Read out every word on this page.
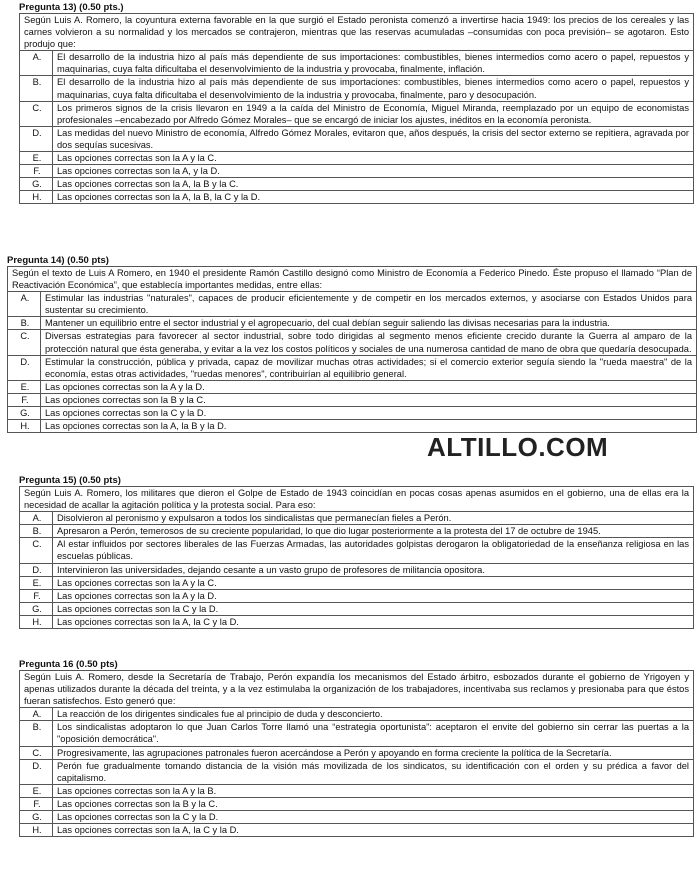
Pregunta 13) (0.50 pts.)
Según Luis A. Romero, la coyuntura externa favorable en la que surgió el Estado peronista comenzó a invertirse hacia 1949: los precios de los cereales y las carnes volvieron a su normalidad y los mercados se contrajeron, mientras que las reservas acumuladas –consumidas con poca previsión– se agotaron. Esto produjo que:
A.	El desarrollo de la industria hizo al país más dependiente de sus importaciones: combustibles, bienes intermedios como acero o papel, repuestos y maquinarias, cuya falta dificultaba el desenvolvimiento de la industria y provocaba, finalmente, inflación.
B.	El desarrollo de la industria hizo al país más dependiente de sus importaciones: combustibles, bienes intermedios como acero o papel, repuestos y maquinarias, cuya falta dificultaba el desenvolvimiento de la industria y provocaba, finalmente, paro y desocupación.
C.	Los primeros signos de la crisis llevaron en 1949 a la caída del Ministro de Economía, Miguel Miranda, reemplazado por un equipo de economistas profesionales –encabezado por Alfredo Gómez Morales– que se encargó de iniciar los ajustes, inéditos en la economía peronista.
D.	Las medidas del nuevo Ministro de economía, Alfredo Gómez Morales, evitaron que, años después, la crisis del sector externo se repitiera, agravada por dos sequías sucesivas.
E.	Las opciones correctas son la A y la C.
F.	Las opciones correctas son la A, y la D.
G.	Las opciones correctas son la A, la B y la C.
H.	Las opciones correctas son la A, la B, la C y la D.
Pregunta 14) (0.50 pts)
Según el texto de Luis A Romero, en 1940 el presidente Ramón Castillo designó como Ministro de Economía a Federico Pinedo. Éste propuso el llamado “Plan de Reactivación Económica”, que establecía importantes medidas, entre ellas:
A.	Estimular las industrias "naturales", capaces de producir eficientemente y de competir en los mercados externos, y asociarse con Estados Unidos para sustentar su crecimiento.
B.	Mantener un equilibrio entre el sector industrial y el agropecuario, del cual debían seguir saliendo las divisas necesarias para la industria.
C.	Diversas estrategias para favorecer al sector industrial, sobre todo dirigidas al segmento menos eficiente crecido durante la Guerra al amparo de la protección natural que ésta generaba, y evitar a la vez los costos políticos y sociales de una numerosa cantidad de mano de obra que quedaría desocupada.
D.	Estimular la construcción, pública y privada, capaz de movilizar muchas otras actividades; si el comercio exterior seguía siendo la "rueda maestra" de la economía, estas otras actividades, "ruedas menores", contribuirían al equilibrio general.
E.	Las opciones correctas son la A y la D.
F.	Las opciones correctas son la B y la C.
G.	Las opciones correctas son la C y la D.
H.	Las opciones correctas son la A, la B y la D.
Pregunta 15) (0.50 pts)
Según Luis A. Romero, los militares que dieron el Golpe de Estado de 1943 coincidían en pocas cosas apenas asumidos en el gobierno, una de ellas era la necesidad de acallar la agitación política y la protesta social. Para eso:
A.	Disolvieron al peronismo y expulsaron a todos los sindicalistas que permanecían fieles a Perón.
B.	Apresaron a Perón, temerosos de su creciente popularidad, lo que dio lugar posteriormente a la protesta del 17 de octubre de 1945.
C.	Al estar influidos por sectores liberales de las Fuerzas Armadas, las autoridades golpistas derogaron la obligatoriedad de la enseñanza religiosa en las escuelas públicas.
D.	Intervinieron las universidades, dejando cesante a un vasto grupo de profesores de militancia opositora.
E.	Las opciones correctas son la A y la C.
F.	Las opciones correctas son la A y la D.
G.	Las opciones correctas son la C y la D.
H.	Las opciones correctas son la A, la C y la D.
Pregunta 16 (0.50 pts)
Según Luis A. Romero, desde la Secretaría de Trabajo, Perón expandía los mecanismos del Estado árbitro, esbozados durante el gobierno de Yrigoyen y apenas utilizados durante la década del treinta, y a la vez estimulaba la organización de los trabajadores, incentivaba sus reclamos y presionaba para que éstos fueran satisfechos. Esto generó que:
A.	La reacción de los dirigentes sindicales fue al principio de duda y desconcierto.
B.	Los sindicalistas adoptaron lo que Juan Carlos Torre llamó una “estrategia oportunista”: aceptaron el envite del gobierno sin cerrar las puertas a la "oposición democrática".
C.	Progresivamente, las agrupaciones patronales fueron acercándose a Perón y apoyando en forma creciente la política de la Secretaría.
D.	Perón fue gradualmente tomando distancia de la visión más movilizada de los sindicatos, su identificación con el orden y su prédica a favor del capitalismo.
E.	Las opciones correctas son la A y la B.
F.	Las opciones correctas son la B y la C.
G.	Las opciones correctas son la C y la D.
H.	Las opciones correctas son la A, la C y la D.
ALTILLO.COM
